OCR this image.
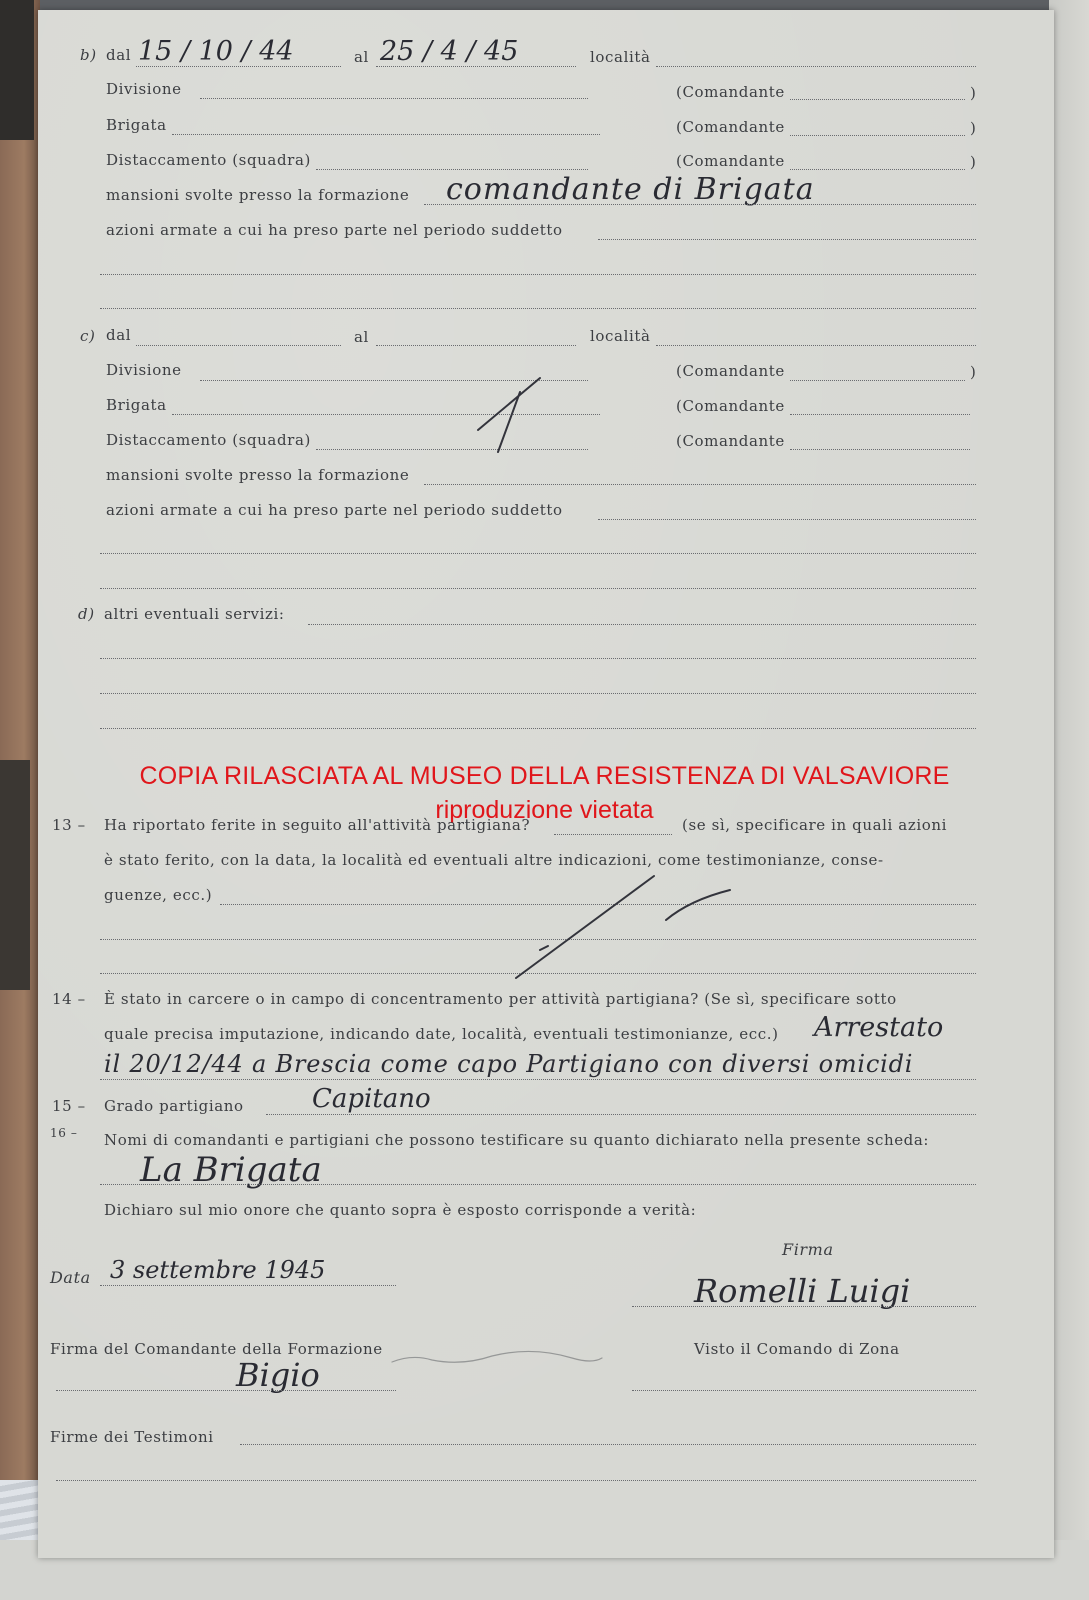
b) dal 15 / 10 / 44	al 25 / 4 / 45	località
Divisione	(Comandante	)
Brigata	(Comandante	)
Distaccamento (squadra)	(Comandante	)
mansioni svolte presso la formazione comandante di Brigata
azioni armate a cui ha preso parte nel periodo suddetto
c) dal	al	località
Divisione	(Comandante	)
Brigata	(Comandante
Distaccamento (squadra)	(Comandante
mansioni svolte presso la formazione
azioni armate a cui ha preso parte nel periodo suddetto
d) altri eventuali servizi:
COPIA RILASCIATA AL MUSEO DELLA RESISTENZA DI VALSAVIORE
riproduzione vietata
13 – Ha riportato ferite in seguito all'attività partigiana?	(se sì, specificare in quali azioni
è stato ferito, con la data, la località ed eventuali altre indicazioni, come testimonianze, conse-
guenze, ecc.)
14 – È stato in carcere o in campo di concentramento per attività partigiana? (Se sì, specificare sotto
quale precisa imputazione, indicando date, località, eventuali testimonianze, ecc.) Arrestato
il 20/12/44 a Brescia come capo Partigiano con diversi omicidi
15 – Grado partigiano	Capitano
16 – Nomi di comandanti e partigiani che possono testificare su quanto dichiarato nella presente scheda:
La Brigata
Dichiaro sul mio onore che quanto sopra è esposto corrisponde a verità:
Data 3 settembre 1945
Firma
Romelli Luigi
Firma del Comandante della Formazione
Bigio
Visto il Comando di Zona
Firme dei Testimoni
